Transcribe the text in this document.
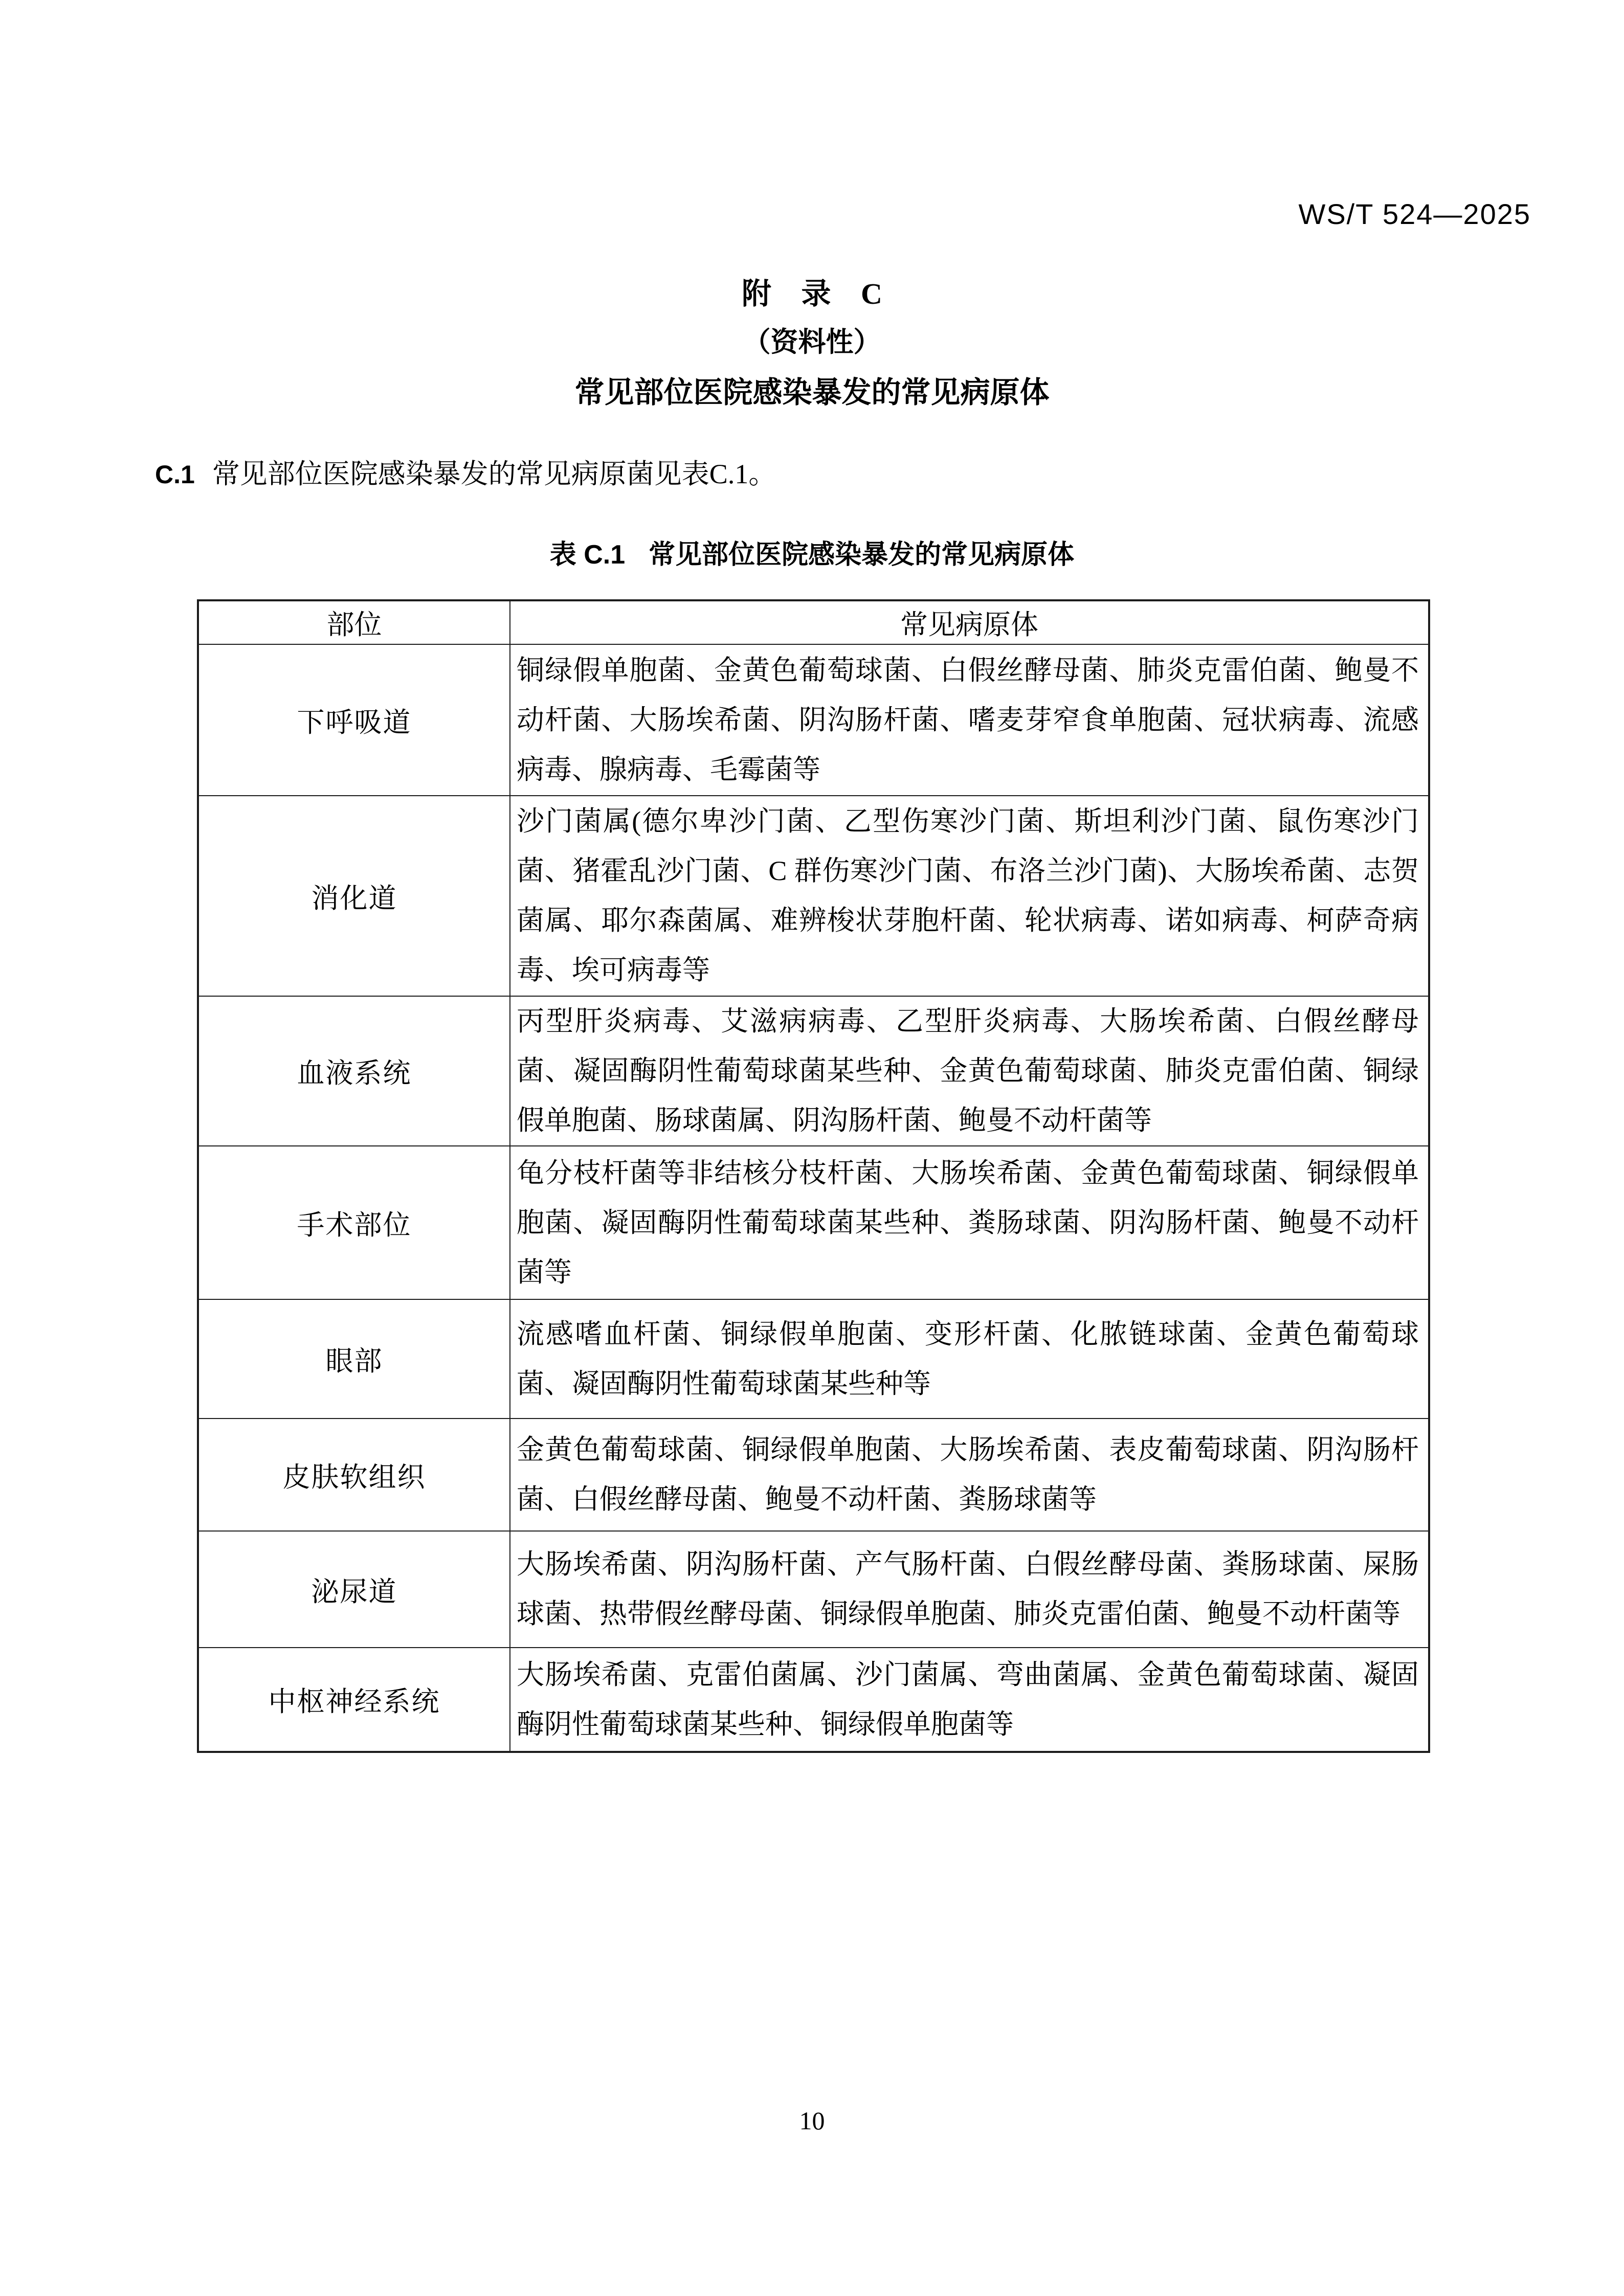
WS/T 524—2025
附 录 C
（资料性）
常见部位医院感染暴发的常见病原体

C.1 常见部位医院感染暴发的常见病原菌见表C.1。

表 C.1 常见部位医院感染暴发的常见病原体
部位	常见病原体
下呼吸道	铜绿假单胞菌、金黄色葡萄球菌、白假丝酵母菌、肺炎克雷伯菌、鲍曼不动杆菌、大肠埃希菌、阴沟肠杆菌、嗜麦芽窄食单胞菌、冠状病毒、流感病毒、腺病毒、毛霉菌等

消化道	沙门菌属(德尔卑沙门菌、乙型伤寒沙门菌、斯坦利沙门菌、鼠伤寒沙门菌、猪霍乱沙门菌、C 群伤寒沙门菌、布洛兰沙门菌)、大肠埃希菌、志贺菌属、耶尔森菌属、难辨梭状芽胞杆菌、轮状病毒、诺如病毒、柯萨奇病毒、埃可病毒等

血液系统	丙型肝炎病毒、艾滋病病毒、乙型肝炎病毒、大肠埃希菌、白假丝酵母菌、凝固酶阴性葡萄球菌某些种、金黄色葡萄球菌、肺炎克雷伯菌、铜绿假单胞菌、肠球菌属、阴沟肠杆菌、鲍曼不动杆菌等

手术部位	龟分枝杆菌等非结核分枝杆菌、大肠埃希菌、金黄色葡萄球菌、铜绿假单胞菌、凝固酶阴性葡萄球菌某些种、粪肠球菌、阴沟肠杆菌、鲍曼不动杆菌等

眼部	流感嗜血杆菌、铜绿假单胞菌、变形杆菌、化脓链球菌、金黄色葡萄球菌、凝固酶阴性葡萄球菌某些种等

皮肤软组织	金黄色葡萄球菌、铜绿假单胞菌、大肠埃希菌、表皮葡萄球菌、阴沟肠杆菌、白假丝酵母菌、鲍曼不动杆菌、粪肠球菌等

泌尿道	大肠埃希菌、阴沟肠杆菌、产气肠杆菌、白假丝酵母菌、粪肠球菌、屎肠球菌、热带假丝酵母菌、铜绿假单胞菌、肺炎克雷伯菌、鲍曼不动杆菌等

中枢神经系统	大肠埃希菌、克雷伯菌属、沙门菌属、弯曲菌属、金黄色葡萄球菌、凝固酶阴性葡萄球菌某些种、铜绿假单胞菌等
10
